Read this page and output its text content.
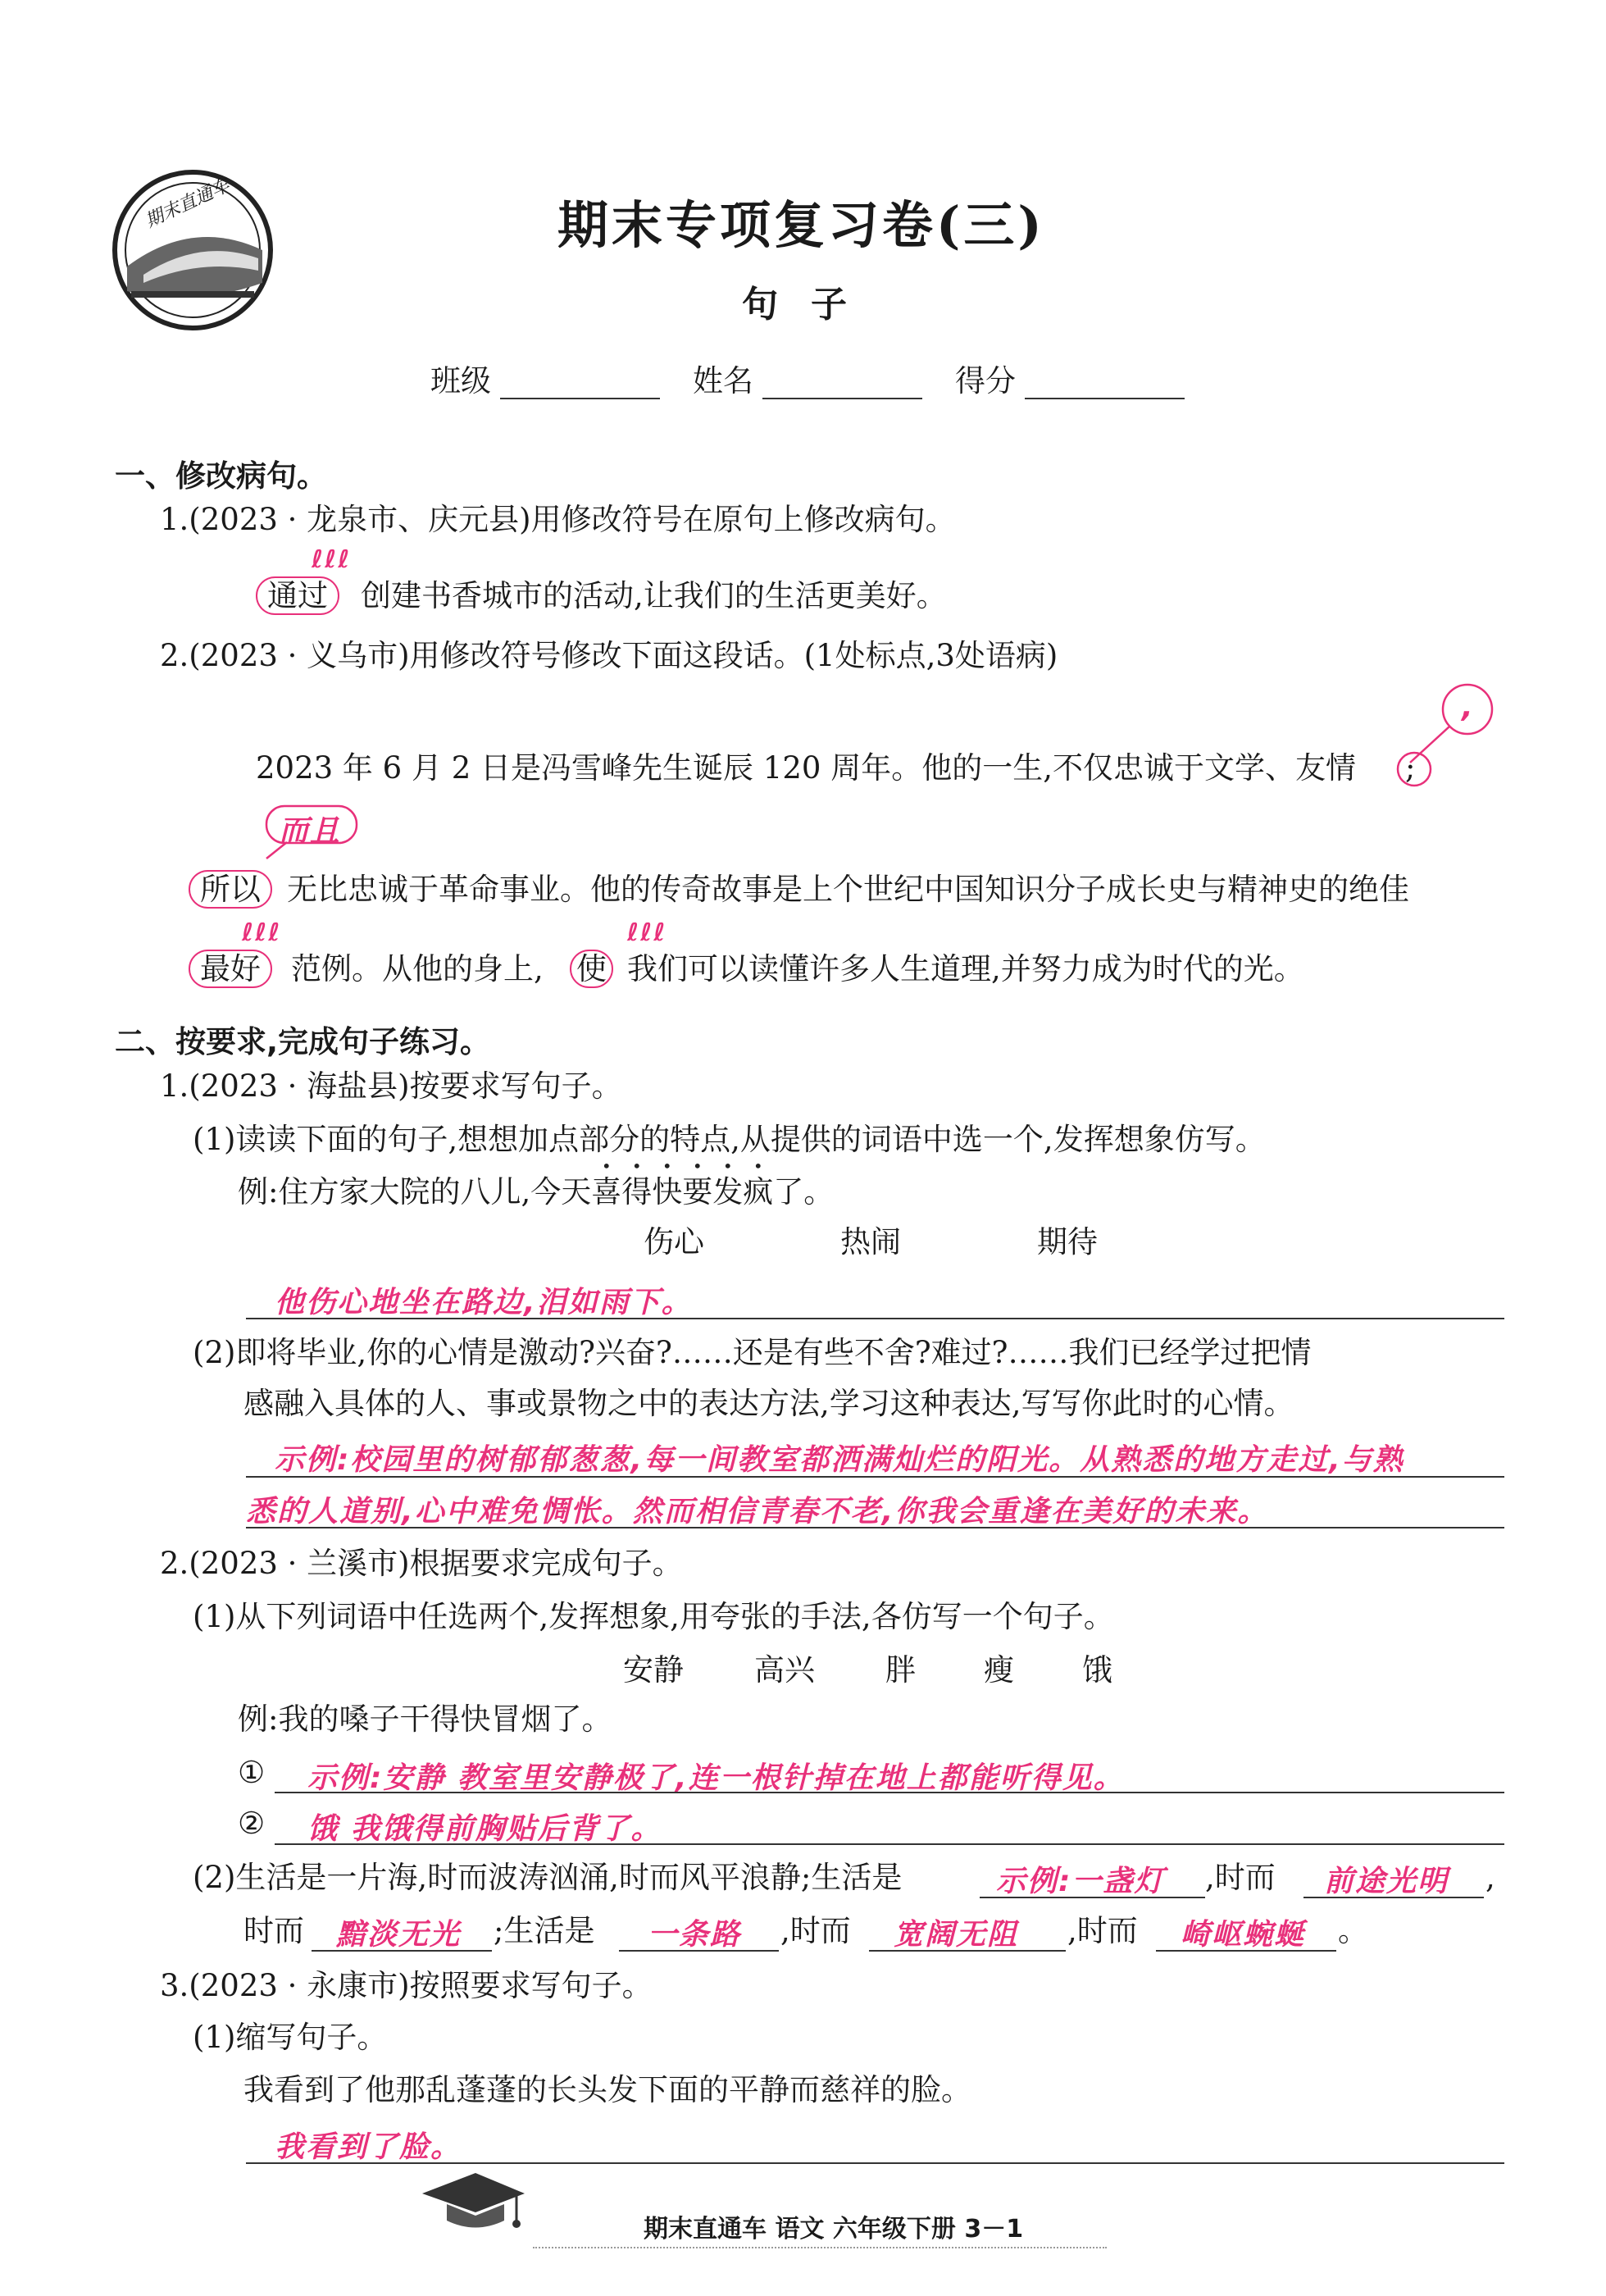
期末直通车	期末专项复习卷(三)
句子
班级	姓名	得分
一、修改病句。
1.(2023 · 龙泉市、庆元县)用修改符号在原句上修改病句。
ℓℓℓ
通过	创建书香城市的活动,让我们的生活更美好。
2.(2023 · 义乌市)用修改符号修改下面这段话。(1处标点,3处语病)
,
2023 年 6 月 2 日是冯雪峰先生诞辰 120 周年。他的一生,不仅忠诚于文学、友情 ;
而且
所以 无比忠诚于革命事业。他的传奇故事是上个世纪中国知识分子成长史与精神史的绝佳
ℓℓℓ	ℓℓℓ
最好	范例。从他的身上, 使 我们可以读懂许多人生道理,并努力成为时代的光。
二、按要求,完成句子练习。
1.(2023 · 海盐县)按要求写句子。
(1)读读下面的句子,想想加点部分的特点,从提供的词语中选一个,发挥想象仿写。
例:住方家大院的八儿,今天喜得快要发疯了。
伤心	热闹	期待
他伤心地坐在路边,泪如雨下。
(2)即将毕业,你的心情是激动?兴奋?……还是有些不舍?难过?……我们已经学过把情
感融入具体的人、事或景物之中的表达方法,学习这种表达,写写你此时的心情。
示例:校园里的树郁郁葱葱,每一间教室都洒满灿烂的阳光。从熟悉的地方走过,与熟
悉的人道别,心中难免惆怅。然而相信青春不老,你我会重逢在美好的未来。
2.(2023 · 兰溪市)根据要求完成句子。
(1)从下列词语中任选两个,发挥想象,用夸张的手法,各仿写一个句子。
安静 高兴 胖 瘦 饿
例:我的嗓子干得快冒烟了。
① 示例:安静 教室里安静极了,连一根针掉在地上都能听得见。
② 饿 我饿得前胸贴后背了。
(2)生活是一片海,时而波涛汹涌,时而风平浪静;生活是	示例:一盏灯 ,时而 前途光明 ,
时而 黯淡无光 ;生活是 一条路 ,时而 宽阔无阻 ,时而 崎岖蜿蜒 。
3.(2023 · 永康市)按照要求写句子。
(1)缩写句子。
我看到了他那乱蓬蓬的长头发下面的平静而慈祥的脸。
我看到了脸。
期末直通车 语文 六年级下册 3－1
